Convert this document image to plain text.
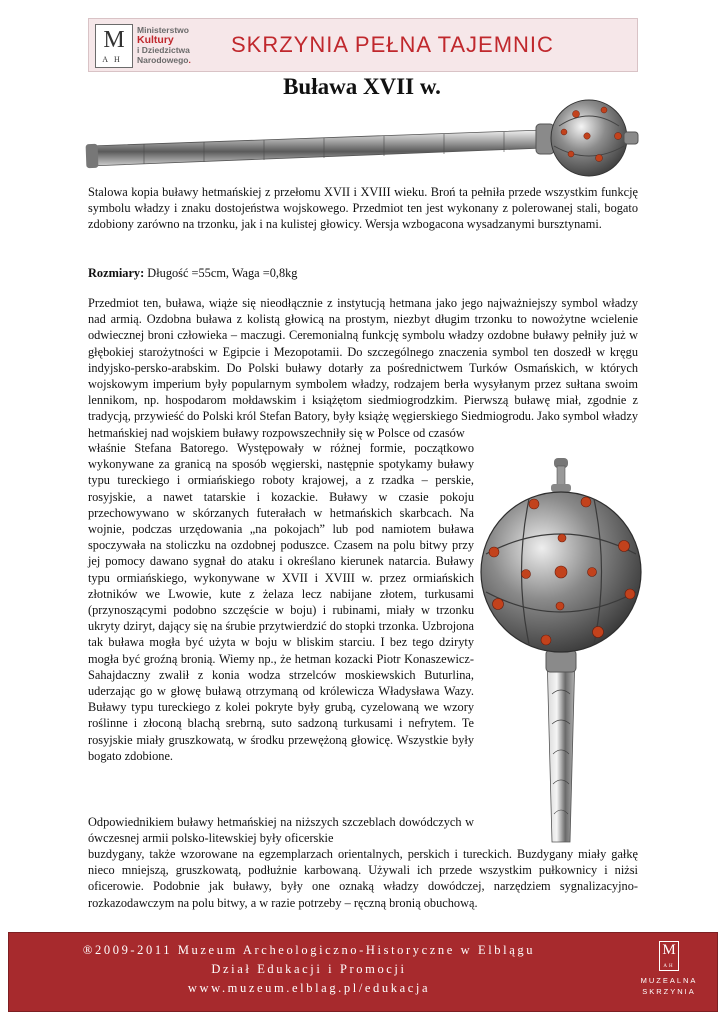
M
AH
Ministerstwo
Kultury
i Dziedzictwa
Narodowego.
SKRZYNIA PEŁNA TAJEMNIC
Buława XVII w.
Stalowa kopia buławy hetmańskiej z przełomu XVII i XVIII wieku. Broń ta pełniła przede wszystkim funkcję symbolu władzy i znaku dostojeństwa wojskowego. Przedmiot ten jest wykonany z polerowanej stali, bogato zdobiony zarówno na trzonku, jak i na kulistej głowicy. Wersja wzbogacona wysadzanymi bursztynami.
Rozmiary: Długość =55cm, Waga =0,8kg
Przedmiot ten, buława, wiąże się nieodłącznie z instytucją hetmana jako jego najważniejszy symbol władzy nad armią. Ozdobna buława z kolistą głowicą na prostym, niezbyt długim trzonku to nowożytne wcielenie odwiecznej broni człowieka – maczugi. Ceremonialną funkcję symbolu władzy ozdobne buławy pełniły już w głębokiej starożytności w Egipcie i Mezopotamii. Do szczególnego znaczenia symbol ten doszedł w kręgu indyjsko-persko-arabskim. Do Polski buławy dotarły za pośrednictwem Turków Osmańskich, w których wojskowym imperium były popularnym symbolem władzy, rodzajem berła wysyłanym przez sułtana swoim lennikom, np. hospodarom mołdawskim i książętom siedmiogrodzkim. Pierwszą buławę miał, zgodnie z tradycją, przywieść do Polski król Stefan Batory, były książę węgierskiego Siedmiogrodu. Jako symbol władzy hetmańskiej nad wojskiem buławy rozpowszechniły się w Polsce od czasów
właśnie Stefana Batorego. Występowały w różnej formie, początkowo wykonywane za granicą na sposób węgierski, następnie spotykamy buławy typu tureckiego i ormiańskiego roboty krajowej, a z rzadka – perskie, rosyjskie, a nawet tatarskie i kozackie. Buławy w czasie pokoju przechowywano w skórzanych futerałach w hetmańskich skarbcach. Na wojnie, podczas urzędowania „na pokojach” lub pod namiotem buława spoczywała na stoliczku na ozdobnej poduszce. Czasem na polu bitwy przy jej pomocy dawano sygnał do ataku i określano kierunek natarcia. Buławy typu ormiańskiego, wykonywane w XVII i XVIII w. przez ormiańskich złotników we Lwowie, kute z żelaza lecz nabijane złotem, turkusami (przynoszącymi podobno szczęście w boju) i rubinami, miały w trzonku ukryty dziryt, dający się na śrubie przytwierdzić do stopki trzonka. Uzbrojona tak buława mogła być użyta w boju w bliskim starciu. I bez tego dziryty mogła być groźną bronią. Wiemy np., że hetman kozacki Piotr Konaszewicz-Sahajdaczny zwalił z konia wodza strzelców moskiewskich Buturlina, uderzając go w głowę buławą otrzymaną od królewicza Władysława Wazy. Buławy typu tureckiego z kolei pokryte były grubą, cyzelowaną we wzory roślinne i złoconą blachą srebrną, suto sadzoną turkusami i nefrytem. Te rosyjskie miały gruszkowatą, w środku przewężoną głowicę. Wszystkie były bogato zdobione.
Odpowiednikiem buławy hetmańskiej na niższych szczeblach dowódczych w ówczesnej armii polsko-litewskiej były oficerskie
buzdygany, także wzorowane na egzemplarzach orientalnych, perskich i tureckich. Buzdygany miały gałkę nieco mniejszą, gruszkowatą, podłużnie karbowaną. Używali ich przede wszystkim pułkownicy i niżsi oficerowie. Podobnie jak buławy, były one oznaką władzy dowódczej, narzędziem sygnalizacyjno-rozkazodawczym na polu bitwy, a w razie potrzeby – ręczną bronią obuchową.
®2009-2011 Muzeum Archeologiczno-Historyczne w Elblągu
Dział Edukacji i Promocji
www.muzeum.elblag.pl/edukacja
M
AH
MUZEALNA
SKRZYNIA
